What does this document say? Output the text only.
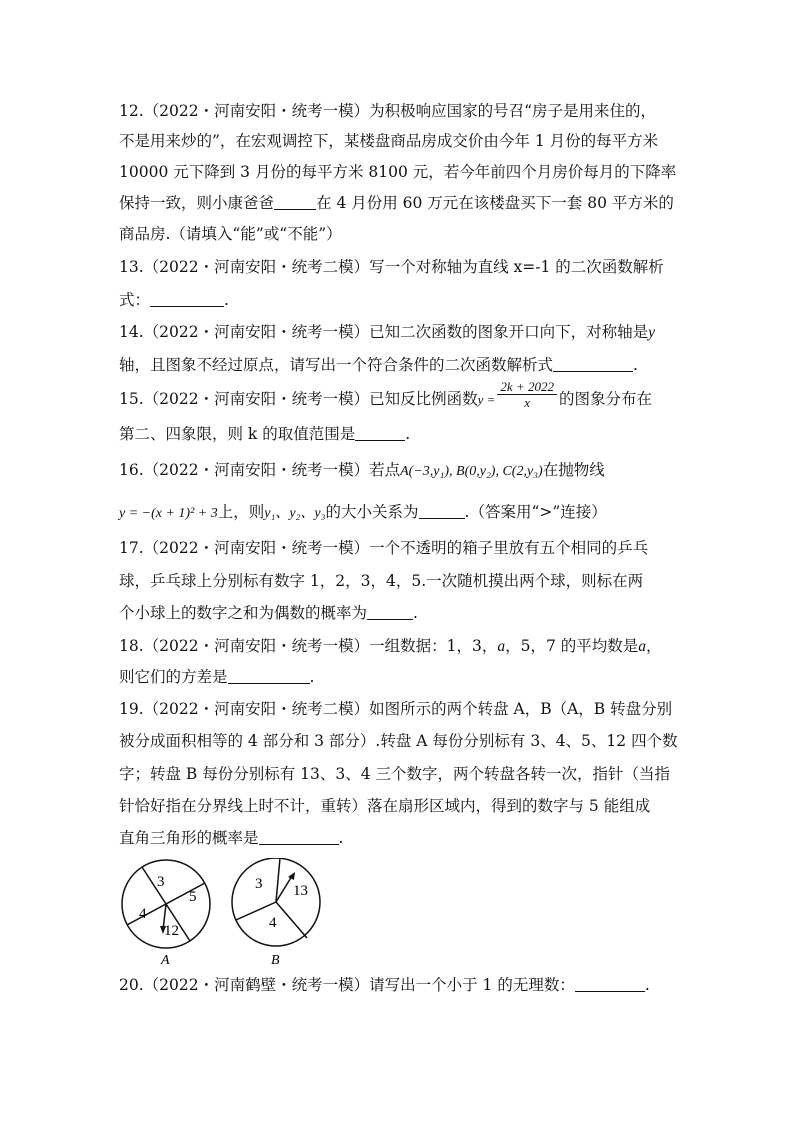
12.（2022・河南安阳・统考一模）为积极响应国家的号召“房子是用来住的，
不是用来炒的”，在宏观调控下，某楼盘商品房成交价由今年 1 月份的每平方米
10000 元下降到 3 月份的每平方米 8100 元，若今年前四个月房价每月的下降率
保持一致，则小康爸爸	在 4 月份用 60 万元在该楼盘买下一套 80 平方米的
商品房.（请填入“能”或“不能”）
13.（2022・河南安阳・统考二模）写一个对称轴为直线 x=-1 的二次函数解析
式：	.
14.（2022・河南安阳・统考一模）已知二次函数的图象开口向下，对称轴是y
轴，且图象不经过原点，请写出一个符合条件的二次函数解析式	.
15.（2022・河南安阳・统考一模）已知反比例函数$y = \frac{2k + 2022}{x}$ 的图象分布在
第二、四象限，则 k 的取值范围是	.
16.（2022・河南安阳・统考一模）若点A(−3,y₁), B(0,y₂), C(2,y₃)在抛物线
y = −(x + 1)² + 3上，则y₁、y₂、y₃的大小关系为	.（答案用“>”连接）
17.（2022・河南安阳・统考一模）一个不透明的箱子里放有五个相同的乒乓
球，乒乓球上分别标有数字 1，2，3，4，5.一次随机摸出两个球，则标在两
个小球上的数字之和为偶数的概率为	.
18.（2022・河南安阳・统考一模）一组数据：1，3，a，5，7 的平均数是a，
则它们的方差是	.
19.（2022・河南安阳・统考二模）如图所示的两个转盘 A，B（A，B 转盘分别
被分成面积相等的 4 部分和 3 部分）.转盘 A 每份分别标有 3、4、5、12 四个数
字；转盘 B 每份分别标有 13、3、4 三个数字，两个转盘各转一次，指针（当指
针恰好指在分界线上时不计，重转）落在扇形区域内，得到的数字与 5 能组成
直角三角形的概率是	.
3
5
4
12
A
3 13
4
B
20.（2022・河南鹤壁・统考一模）请写出一个小于 1 的无理数：	.
